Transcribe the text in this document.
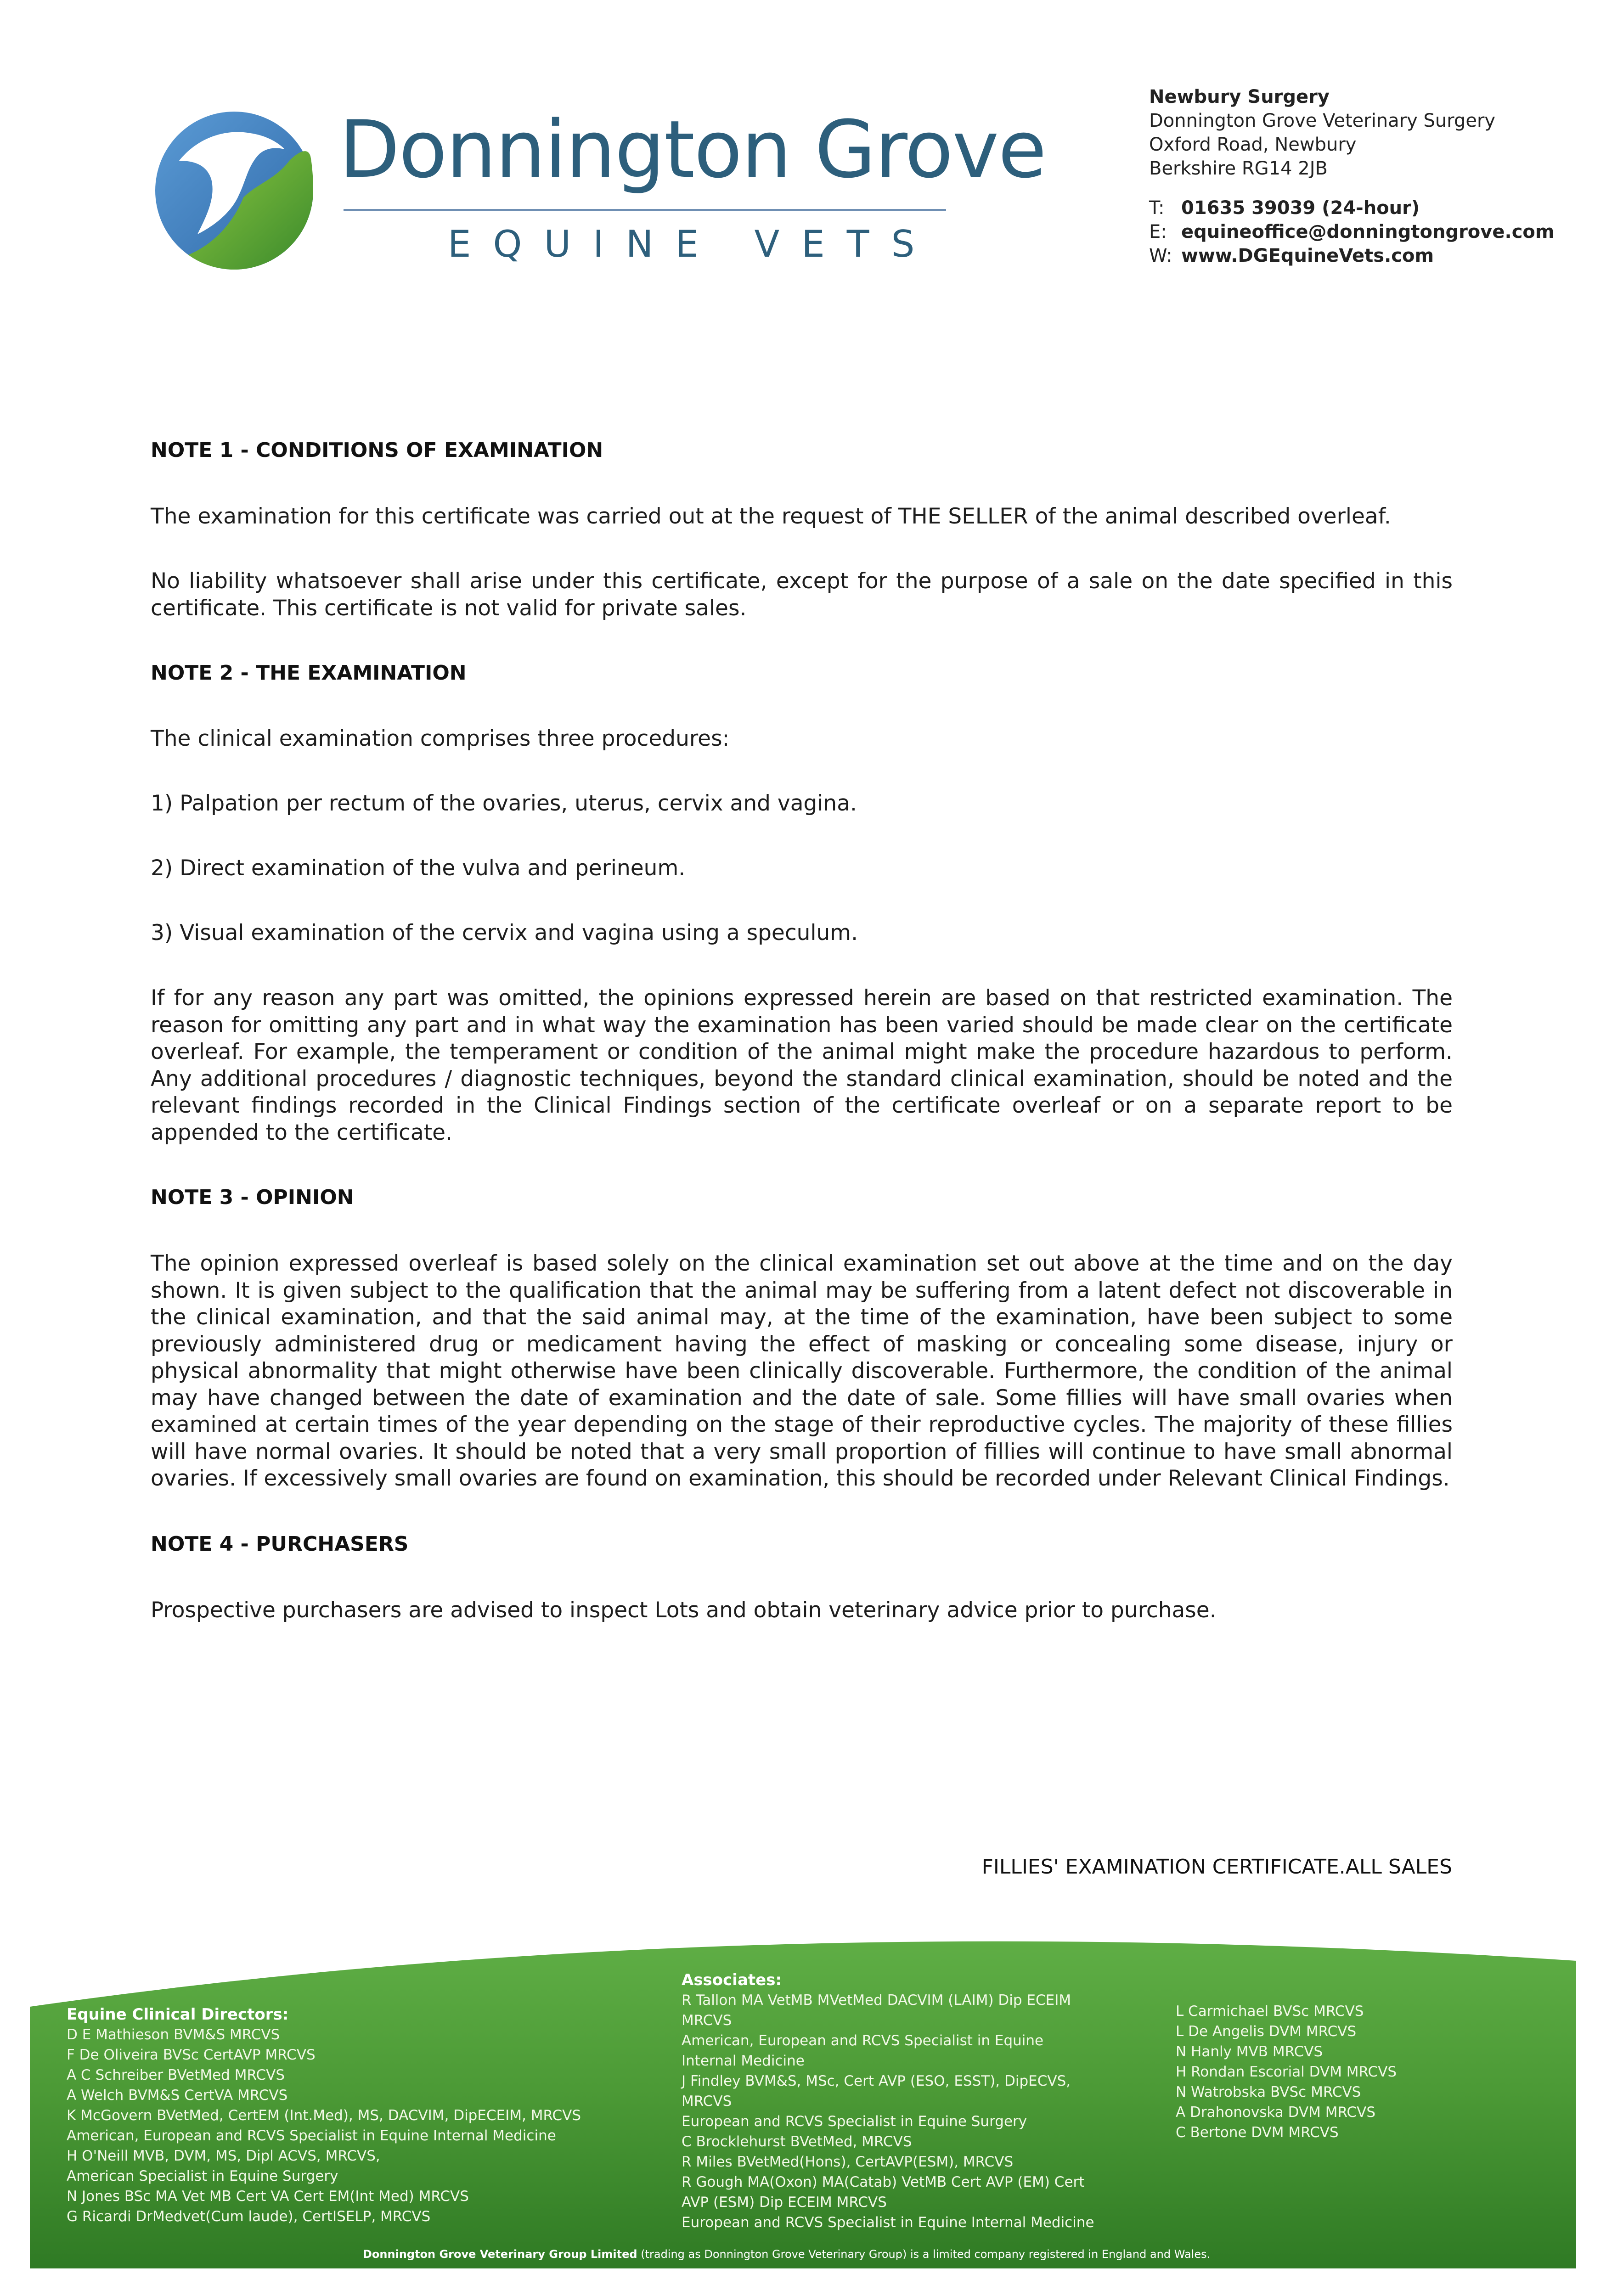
Donnington Grove
EQUINE VETS
Newbury Surgery
Donnington Grove Veterinary Surgery
Oxford Road, Newbury
Berkshire RG14 2JB
T: 01635 39039 (24-hour)
E: equineoffice@donningtongrove.com
W: www.DGEquineVets.com
NOTE 1 - CONDITIONS OF EXAMINATION
The examination for this certificate was carried out at the request of THE SELLER of the animal described overleaf.
No liability whatsoever shall arise under this certificate, except for the purpose of a sale on the date specified in this certificate. This certificate is not valid for private sales.
NOTE 2 - THE EXAMINATION
The clinical examination comprises three procedures:
1) Palpation per rectum of the ovaries, uterus, cervix and vagina.
2) Direct examination of the vulva and perineum.
3) Visual examination of the cervix and vagina using a speculum.
If for any reason any part was omitted, the opinions expressed herein are based on that restricted examination. The reason for omitting any part and in what way the examination has been varied should be made clear on the certificate overleaf. For example, the temperament or condition of the animal might make the procedure hazardous to perform. Any additional procedures / diagnostic techniques, beyond the standard clinical examination, should be noted and the relevant findings recorded in the Clinical Findings section of the certificate overleaf or on a separate report to be appended to the certificate.
NOTE 3 - OPINION
The opinion expressed overleaf is based solely on the clinical examination set out above at the time and on the day shown. It is given subject to the qualification that the animal may be suffering from a latent defect not discoverable in the clinical examination, and that the said animal may, at the time of the examination, have been subject to some previously administered drug or medicament having the effect of masking or concealing some disease, injury or physical abnormality that might otherwise have been clinically discoverable. Furthermore, the condition of the animal may have changed between the date of examination and the date of sale. Some fillies will have small ovaries when examined at certain times of the year depending on the stage of their reproductive cycles. The majority of these fillies will have normal ovaries. It should be noted that a very small proportion of fillies will continue to have small abnormal ovaries. If excessively small ovaries are found on examination, this should be recorded under Relevant Clinical Findings.
NOTE 4 - PURCHASERS
Prospective purchasers are advised to inspect Lots and obtain veterinary advice prior to purchase.
FILLIES' EXAMINATION CERTIFICATE.ALL SALES
Equine Clinical Directors:
D E Mathieson BVM&S MRCVS
F De Oliveira BVSc CertAVP MRCVS
A C Schreiber BVetMed MRCVS
A Welch BVM&S CertVA MRCVS
K McGovern BVetMed, CertEM (Int.Med), MS, DACVIM, DipECEIM, MRCVS
American, European and RCVS Specialist in Equine Internal Medicine
H O'Neill MVB, DVM, MS, Dipl ACVS, MRCVS,
American Specialist in Equine Surgery
N Jones BSc MA Vet MB Cert VA Cert EM(Int Med) MRCVS
G Ricardi DrMedvet(Cum laude), CertISELP, MRCVS
Associates:
R Tallon MA VetMB MVetMed DACVIM (LAIM) Dip ECEIM MRCVS
American, European and RCVS Specialist in Equine Internal Medicine
J Findley BVM&S, MSc, Cert AVP (ESO, ESST), DipECVS, MRCVS
European and RCVS Specialist in Equine Surgery
C Brocklehurst BVetMed, MRCVS
R Miles BVetMed(Hons), CertAVP(ESM), MRCVS
R Gough MA(Oxon) MA(Catab) VetMB Cert AVP (EM) Cert AVP (ESM) Dip ECEIM MRCVS
European and RCVS Specialist in Equine Internal Medicine
L Carmichael BVSc MRCVS
L De Angelis DVM MRCVS
N Hanly MVB MRCVS
H Rondan Escorial DVM MRCVS
N Watrobska BVSc MRCVS
A Drahonovska DVM MRCVS
C Bertone DVM MRCVS
Donnington Grove Veterinary Group Limited (trading as Donnington Grove Veterinary Group) is a limited company registered in England and Wales.
